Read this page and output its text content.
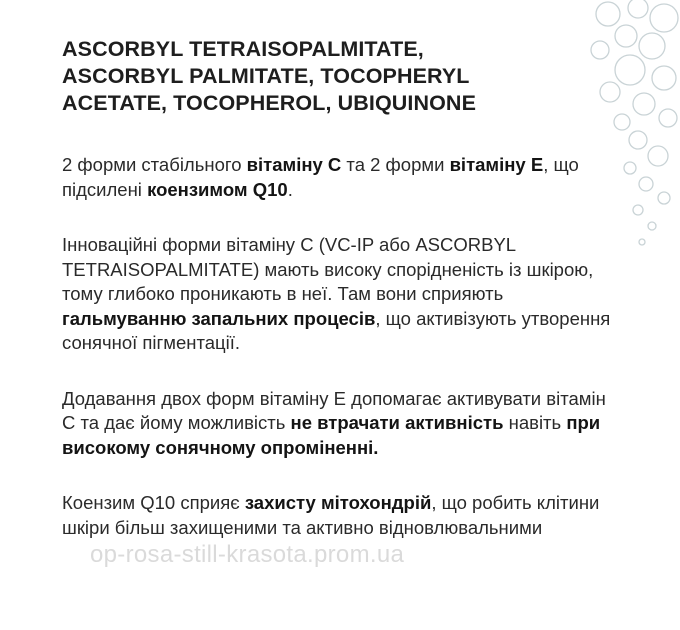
ASCORBYL TETRAISOPALMITATE,
ASCORBYL PALMITATE, TOCOPHERYL
ACETATE, TOCOPHEROL, UBIQUINONE

2 форми стабільного вітаміну С та 2 форми вітаміну Е, що підсилені коензимом Q10.

Інноваційні форми вітаміну С (VC-IP або ASCORBYL TETRAISOPALMITATE) мають високу спорідненість із шкірою, тому глибоко проникають в неї. Там вони сприяють гальмуванню запальних процесів, що активізують утворення сонячної пігментації.

Додавання двох форм вітаміну Е допомагає активувати вітамін С та дає йому можливість не втрачати активність навіть при високому сонячному опроміненні.

Коензим Q10 сприяє захисту мітохондрій, що робить клітини шкіри більш захищеними та активно відновлювальними

op-rosa-still-krasota.prom.ua
